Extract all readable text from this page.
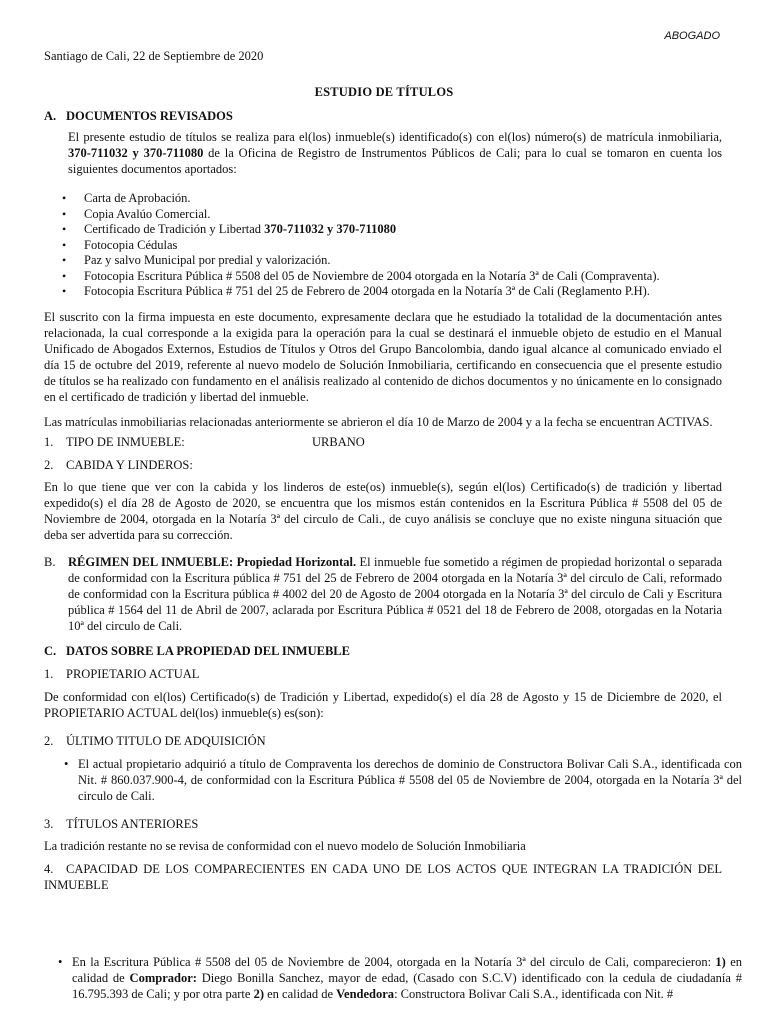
ABOGADO
Santiago de Cali, 22 de Septiembre de 2020
ESTUDIO DE TÍTULOS
A. DOCUMENTOS REVISADOS
El presente estudio de títulos se realiza para el(los) inmueble(s) identificado(s) con el(los) número(s) de matrícula inmobiliaria, 370-711032 y 370-711080 de la Oficina de Registro de Instrumentos Públicos de Cali; para lo cual se tomaron en cuenta los siguientes documentos aportados:
• Carta de Aprobación.
• Copia Avalúo Comercial.
• Certificado de Tradición y Libertad 370-711032 y 370-711080
• Fotocopia Cédulas
• Paz y salvo Municipal por predial y valorización.
• Fotocopia Escritura Pública # 5508 del 05 de Noviembre de 2004 otorgada en la Notaría 3ª de Cali (Compraventa).
• Fotocopia Escritura Pública # 751 del 25 de Febrero de 2004 otorgada en la Notaría 3ª de Cali (Reglamento P.H).
El suscrito con la firma impuesta en este documento, expresamente declara que he estudiado la totalidad de la documentación antes relacionada, la cual corresponde a la exigida para la operación para la cual se destinará el inmueble objeto de estudio en el Manual Unificado de Abogados Externos, Estudios de Títulos y Otros del Grupo Bancolombia, dando igual alcance al comunicado enviado el día 15 de octubre del 2019, referente al nuevo modelo de Solución Inmobiliaria, certificando en consecuencia que el presente estudio de títulos se ha realizado con fundamento en el análisis realizado al contenido de dichos documentos y no únicamente en lo consignado en el certificado de tradición y libertad del inmueble.
Las matrículas inmobiliarias relacionadas anteriormente se abrieron el día 10 de Marzo de 2004 y a la fecha se encuentran ACTIVAS.
1. TIPO DE INMUEBLE:	URBANO
2. CABIDA Y LINDEROS:
En lo que tiene que ver con la cabida y los linderos de este(os) inmueble(s), según el(los) Certificado(s) de tradición y libertad expedido(s) el día 28 de Agosto de 2020, se encuentra que los mismos están contenidos en la Escritura Pública # 5508 del 05 de Noviembre de 2004, otorgada en la Notaría 3ª del circulo de Cali., de cuyo análisis se concluye que no existe ninguna situación que deba ser advertida para su corrección.
B. RÉGIMEN DEL INMUEBLE: Propiedad Horizontal. El inmueble fue sometido a régimen de propiedad horizontal o separada de conformidad con la Escritura pública # 751 del 25 de Febrero de 2004 otorgada en la Notaría 3ª del circulo de Cali, reformado de conformidad con la Escritura pública # 4002 del 20 de Agosto de 2004 otorgada en la Notaría 3ª del circulo de Cali y Escritura pública # 1564 del 11 de Abril de 2007, aclarada por Escritura Pública # 0521 del 18 de Febrero de 2008, otorgadas en la Notaria 10ª del circulo de Cali.
C. DATOS SOBRE LA PROPIEDAD DEL INMUEBLE
1. PROPIETARIO ACTUAL
De conformidad con el(los) Certificado(s) de Tradición y Libertad, expedido(s) el día 28 de Agosto y 15 de Diciembre de 2020, el PROPIETARIO ACTUAL del(los) inmueble(s) es(son):
2. ÚLTIMO TITULO DE ADQUISICIÓN
• El actual propietario adquirió a título de Compraventa los derechos de dominio de Constructora Bolivar Cali S.A., identificada con Nit. # 860.037.900-4, de conformidad con la Escritura Pública # 5508 del 05 de Noviembre de 2004, otorgada en la Notaría 3ª del circulo de Cali.
3. TÍTULOS ANTERIORES
La tradición restante no se revisa de conformidad con el nuevo modelo de Solución Inmobiliaria
4. CAPACIDAD DE LOS COMPARECIENTES EN CADA UNO DE LOS ACTOS QUE INTEGRAN LA TRADICIÓN DEL INMUEBLE
• En la Escritura Pública # 5508 del 05 de Noviembre de 2004, otorgada en la Notaría 3ª del circulo de Cali, comparecieron: 1) en calidad de Comprador: Diego Bonilla Sanchez, mayor de edad, (Casado con S.C.V) identificado con la cedula de ciudadanía # 16.795.393 de Cali; y por otra parte 2) en calidad de Vendedora: Constructora Bolivar Cali S.A., identificada con Nit. #
